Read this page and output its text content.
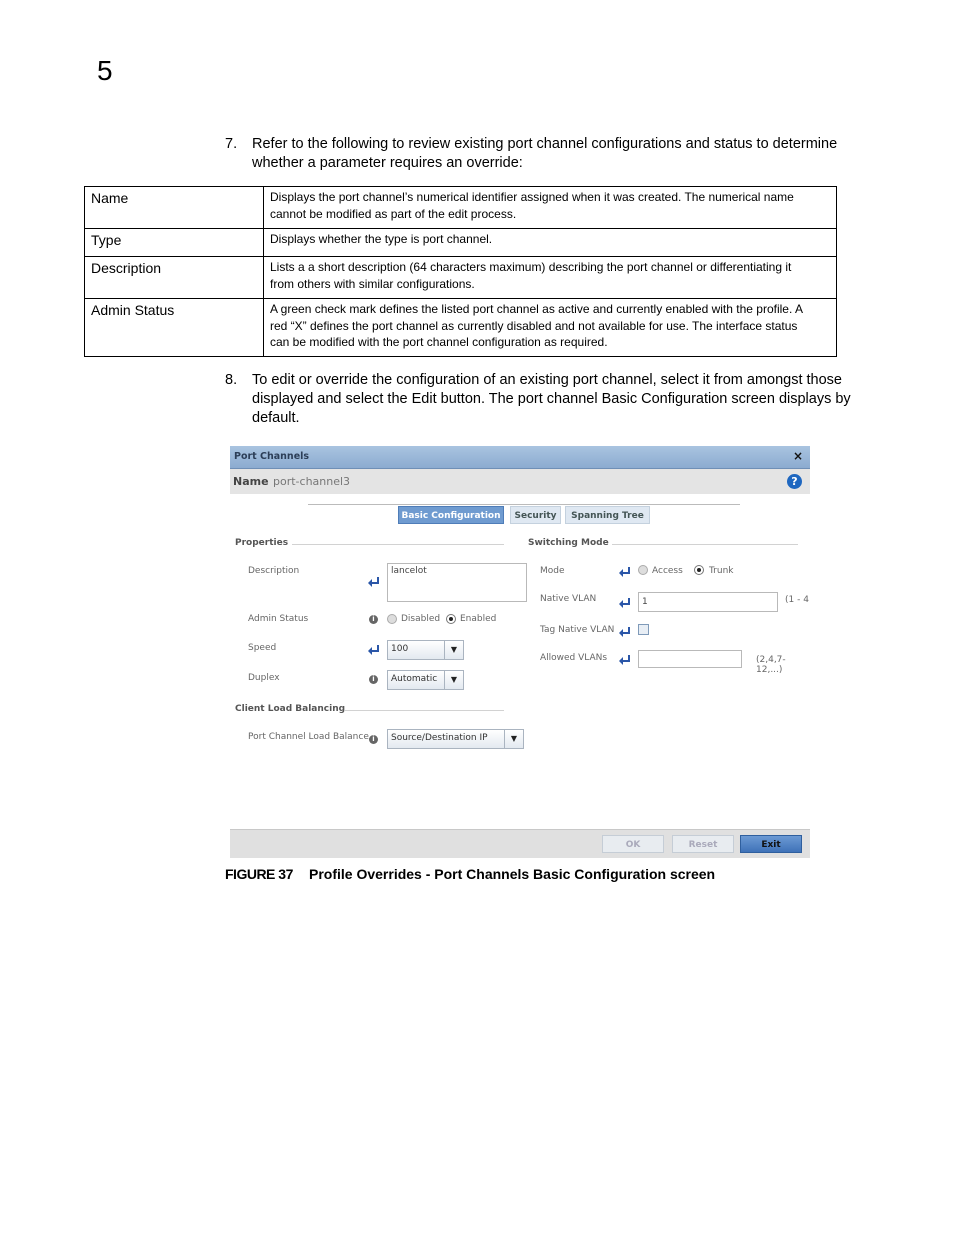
5
7. Refer to the following to review existing port channel configurations and status to determine
whether a parameter requires an override:
Name	Displays the port channel’s numerical identifier assigned when it was created. The numerical name
cannot be modified as part of the edit process.

Type	Displays whether the type is port channel.

Description	Lists a a short description (64 characters maximum) describing the port channel or differentiating it
from others with similar configurations.

Admin Status	A green check mark defines the listed port channel as active and currently enabled with the profile. A
red “X” defines the port channel as currently disabled and not available for use. The interface status
can be modified with the port channel configuration as required.
8. To edit or override the configuration of an existing port channel, select it from amongst those
displayed and select the Edit button. The port channel Basic Configuration screen displays by
default.
Port Channels	×
Name port-channel3	?
Basic Configuration	Security	Spanning Tree
Properties
Description	lancelot
Admin Status	i	Disabled Enabled
Speed	100	▼
Duplex	i	Automatic	▼
Client Load Balancing
Port Channel Load Balance i	Source/Destination IP	▼
Switching Mode
Mode	Access	Trunk
Native VLAN	1	(1 - 4
Tag Native VLAN
Allowed VLANs	(2,4,7-12,...)
OK	Reset	Exit
FIGURE 37 Profile Overrides - Port Channels Basic Configuration screen
